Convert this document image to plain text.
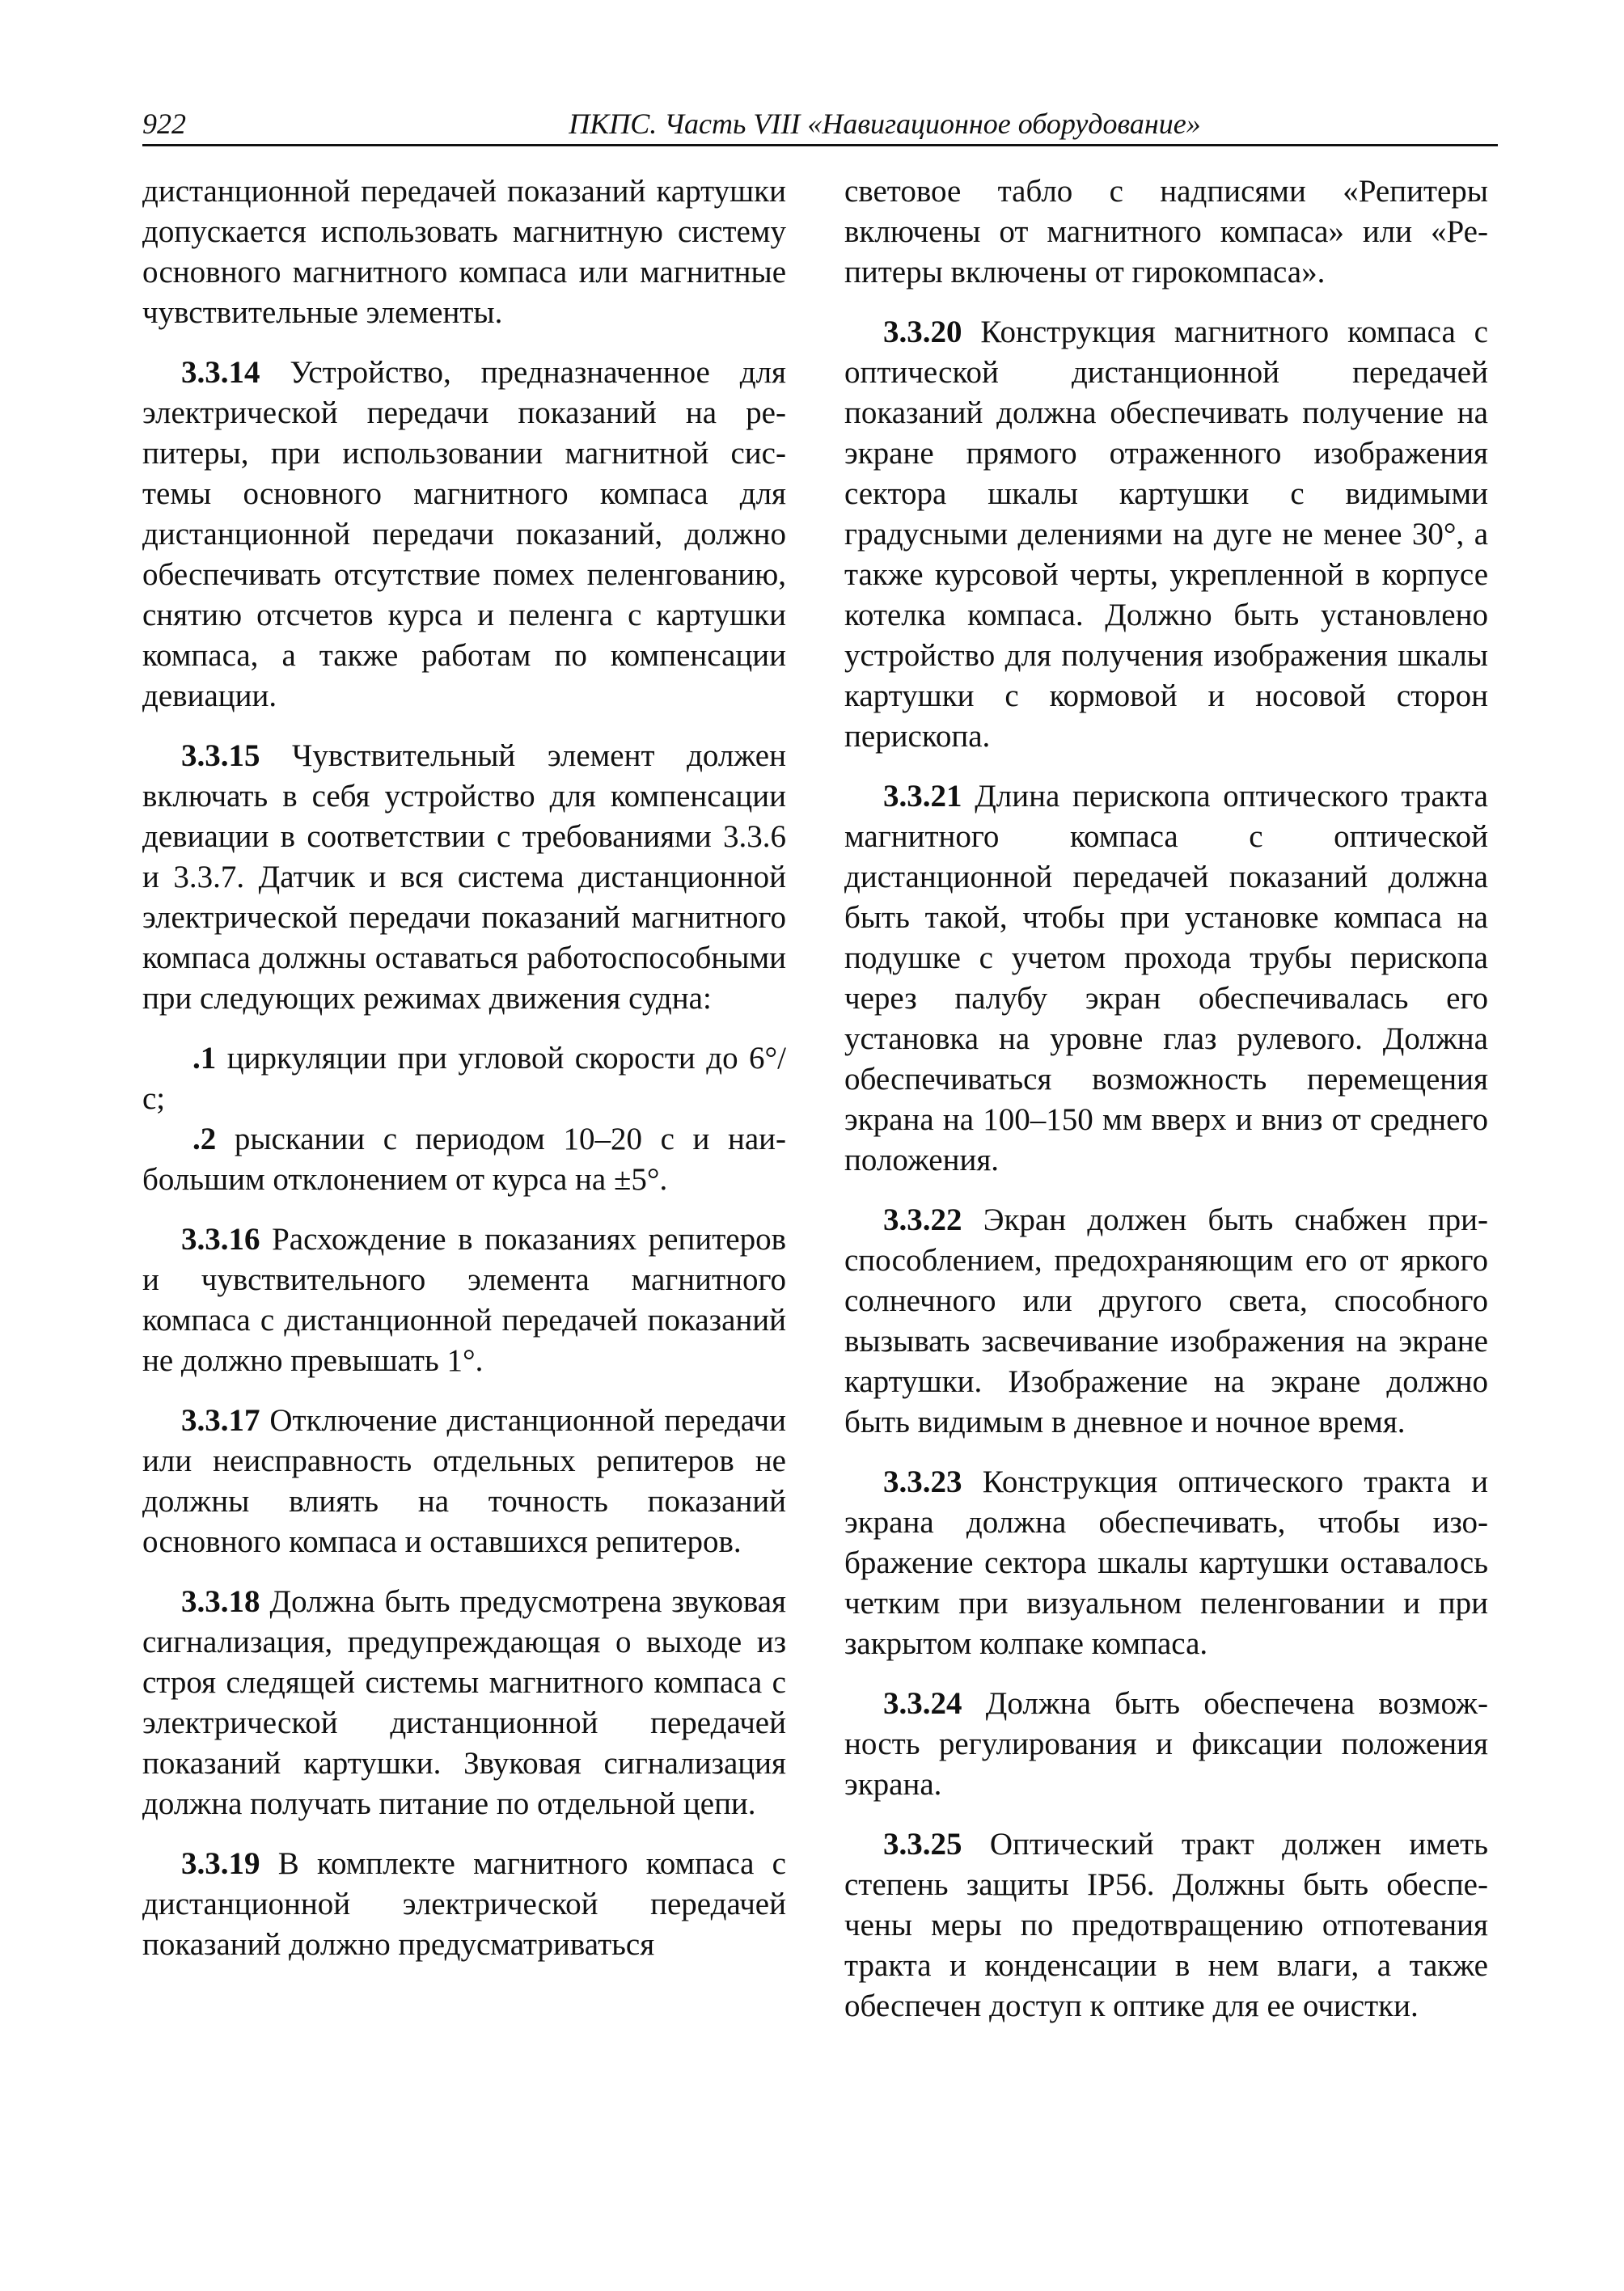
922	ПКПС. Часть VIII «Навигационное оборудование»

дистанционной передачей показаний картушки допускается использовать магнитную систему основного магнитного компаса или магнитные чувствительные элементы.

3.3.14 Устройство, предназначенное для электрической передачи показаний на репитеры, при использовании магнитной системы основного магнитного компаса для дистанционной передачи показаний, должно обеспечивать отсутствие помех пеленгованию, снятию отсчетов курса и пеленга с картушки компаса, а также работам по компенсации девиации.

3.3.15 Чувствительный элемент должен включать в себя устройство для компенсации девиации в соответствии с требованиями 3.3.6 и 3.3.7. Датчик и вся система дистанционной электрической передачи показаний магнитного компаса должны оставаться работоспособными при следующих режимах движения судна:

.1 циркуляции при угловой скорости до 6°/с;

.2 рыскании с периодом 10–20 с и наибольшим отклонением от курса на ±5°.

3.3.16 Расхождение в показаниях репитеров и чувствительного элемента магнитного компаса с дистанционной передачей показаний не должно превышать 1°.

3.3.17 Отключение дистанционной передачи или неисправность отдельных репитеров не должны влиять на точность показаний основного компаса и оставшихся репитеров.

3.3.18 Должна быть предусмотрена звуковая сигнализация, предупреждающая о выходе из строя следящей системы магнитного компаса с электрической дистанционной передачей показаний картушки. Звуковая сигнализация должна получать питание по отдельной цепи.

3.3.19 В комплекте магнитного компаса с дистанционной электрической передачей показаний должно предусматриваться

световое табло с надписями «Репитеры включены от магнитного компаса» или «Репитеры включены от гирокомпаса».

3.3.20 Конструкция магнитного компаса с оптической дистанционной передачей показаний должна обеспечивать получение на экране прямого отраженного изображения сектора шкалы картушки с видимыми градусными делениями на дуге не менее 30°, а также курсовой черты, укрепленной в корпусе котелка компаса. Должно быть установлено устройство для получения изображения шкалы картушки с кормовой и носовой сторон перископа.

3.3.21 Длина перископа оптического тракта магнитного компаса с оптической дистанционной передачей показаний должна быть такой, чтобы при установке компаса на подушке с учетом прохода трубы перископа через палубу экран обеспечивалась его установка на уровне глаз рулевого. Должна обеспечиваться возможность перемещения экрана на 100–150 мм вверх и вниз от среднего положения.

3.3.22 Экран должен быть снабжен приспособлением, предохраняющим его от яркого солнечного или другого света, способного вызывать засвечивание изображения на экране картушки. Изображение на экране должно быть видимым в дневное и ночное время.

3.3.23 Конструкция оптического тракта и экрана должна обеспечивать, чтобы изображение сектора шкалы картушки оставалось четким при визуальном пеленговании и при закрытом колпаке компаса.

3.3.24 Должна быть обеспечена возможность регулирования и фиксации положения экрана.

3.3.25 Оптический тракт должен иметь степень защиты IP56. Должны быть обеспечены меры по предотвращению отпотевания тракта и конденсации в нем влаги, а также обеспечен доступ к оптике для ее очистки.
